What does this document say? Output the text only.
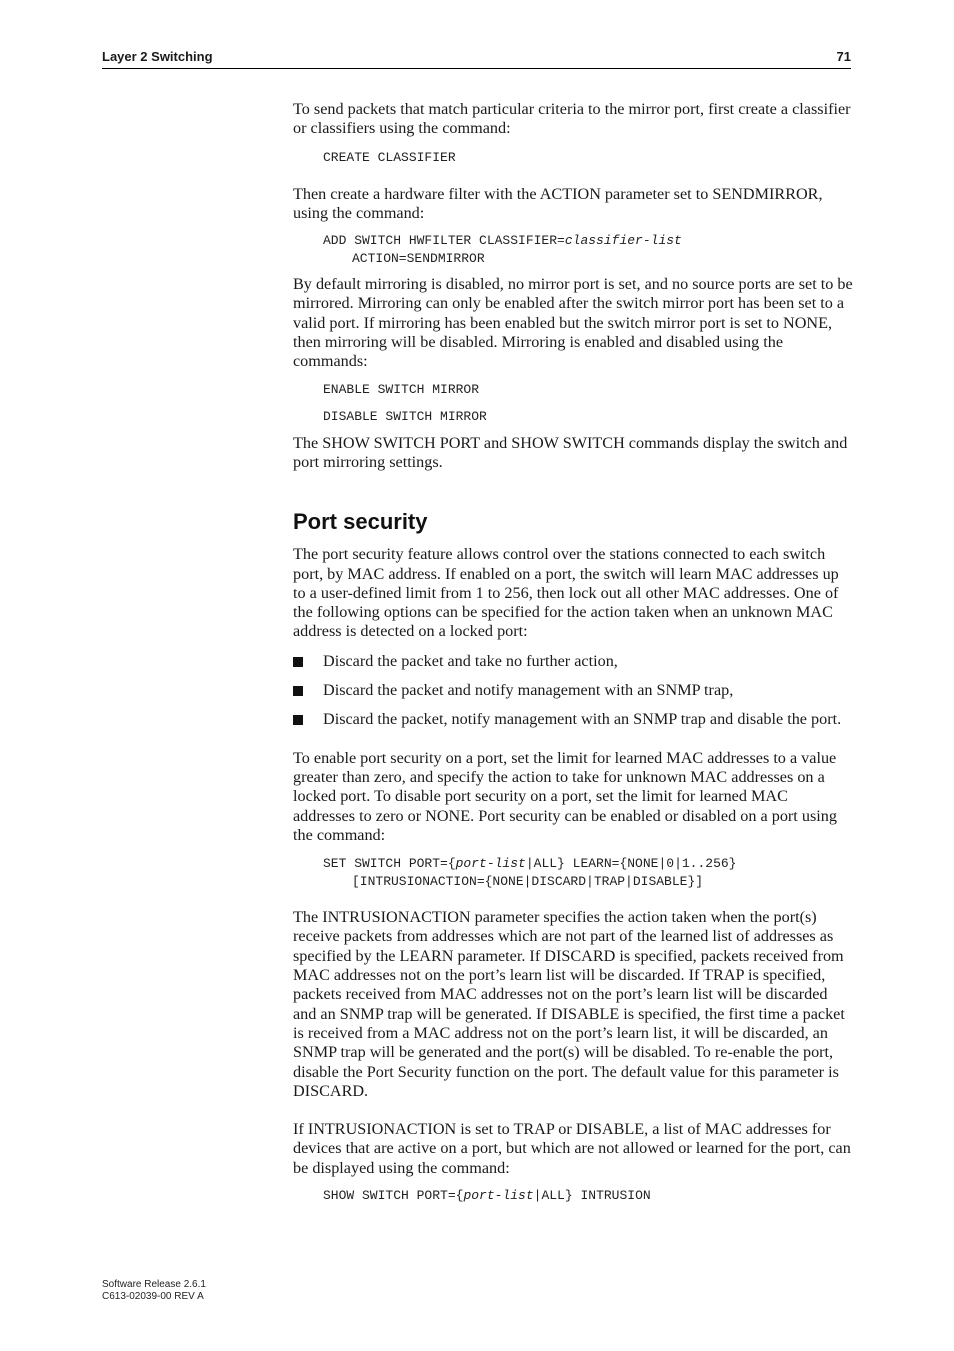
Layer 2 Switching	71

To send packets that match particular criteria to the mirror port, first create a classifier or classifiers using the command:

CREATE CLASSIFIER

Then create a hardware filter with the ACTION parameter set to SENDMIRROR, using the command:

ADD SWITCH HWFILTER CLASSIFIER=classifier-list
ACTION=SENDMIRROR

By default mirroring is disabled, no mirror port is set, and no source ports are set to be mirrored. Mirroring can only be enabled after the switch mirror port has been set to a valid port. If mirroring has been enabled but the switch mirror port is set to NONE, then mirroring will be disabled. Mirroring is enabled and disabled using the commands:

ENABLE SWITCH MIRROR
DISABLE SWITCH MIRROR

The SHOW SWITCH PORT and SHOW SWITCH commands display the switch and port mirroring settings.

Port security

The port security feature allows control over the stations connected to each switch port, by MAC address. If enabled on a port, the switch will learn MAC addresses up to a user-defined limit from 1 to 256, then lock out all other MAC addresses. One of the following options can be specified for the action taken when an unknown MAC address is detected on a locked port:

Discard the packet and take no further action,
Discard the packet and notify management with an SNMP trap,
Discard the packet, notify management with an SNMP trap and disable the port.

To enable port security on a port, set the limit for learned MAC addresses to a value greater than zero, and specify the action to take for unknown MAC addresses on a locked port. To disable port security on a port, set the limit for learned MAC addresses to zero or NONE. Port security can be enabled or disabled on a port using the command:

SET SWITCH PORT={port-list|ALL} LEARN={NONE|0|1..256}
[INTRUSIONACTION={NONE|DISCARD|TRAP|DISABLE}]

The INTRUSIONACTION parameter specifies the action taken when the port(s) receive packets from addresses which are not part of the learned list of addresses as specified by the LEARN parameter. If DISCARD is specified, packets received from MAC addresses not on the port’s learn list will be discarded. If TRAP is specified, packets received from MAC addresses not on the port’s learn list will be discarded and an SNMP trap will be generated. If DISABLE is specified, the first time a packet is received from a MAC address not on the port’s learn list, it will be discarded, an SNMP trap will be generated and the port(s) will be disabled. To re-enable the port, disable the Port Security function on the port. The default value for this parameter is DISCARD.

If INTRUSIONACTION is set to TRAP or DISABLE, a list of MAC addresses for devices that are active on a port, but which are not allowed or learned for the port, can be displayed using the command:

SHOW SWITCH PORT={port-list|ALL} INTRUSION
Software Release 2.6.1
C613-02039-00 REV A
